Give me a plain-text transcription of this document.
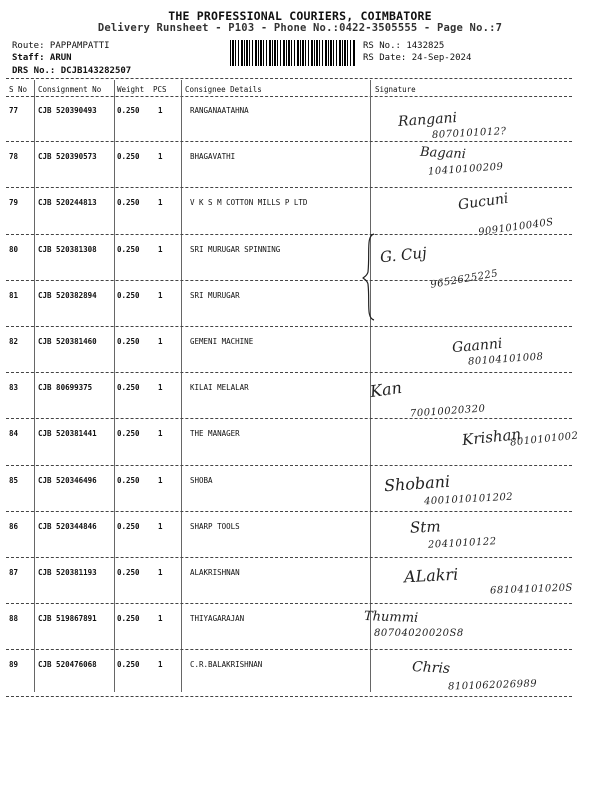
THE PROFESSIONAL COURIERS, COIMBATORE
Delivery Runsheet - P103 - Phone No.:0422-3505555 - Page No.:7
Route: PAPPAMPATTI
Staff: ARUN
DRS No.: DCJB143282507
RS No.: 1432825
RS Date: 24-Sep-2024
S No Consignment No Weight PCS Consignee Details	Signature
77	CJB 520390493	0.250 1	RANGANAATAHNA	Rangani
8070101012?
78	CJB 520390573	0.250 1	BHAGAVATHI	Bagani
10410100209
79	CJB 520244813	0.250 1	V K S M COTTON MILLS P LTD	Gucuni
9091010040S
80	CJB 520381308	0.250 1	SRI MURUGAR SPINNING	G. Cuj
9652625225
81	CJB 520382894	0.250 1	SRI MURUGAR
82	CJB 520381460	0.250 1	GEMENI MACHINE	Gaanni
80104101008
83	CJB 80699375	0.250 1	KILAI MELALAR	Kan
70010020320
84	CJB 520381441	0.250 1	THE MANAGER	Krishan
8010101002
85	CJB 520346496	0.250 1	SHOBA	Shobani
4001010101202
86	CJB 520344846	0.250 1	SHARP TOOLS	Stm
2041010122
87	CJB 520381193	0.250 1	ALAKRISHNAN	ALakri
68104101020S
88	CJB 519867891	0.250 1	THIYAGARAJAN	Thummi
80704020020S8
89	CJB 520476068	0.250 1	C.R.BALAKRISHNAN	Chris
8101062026989
